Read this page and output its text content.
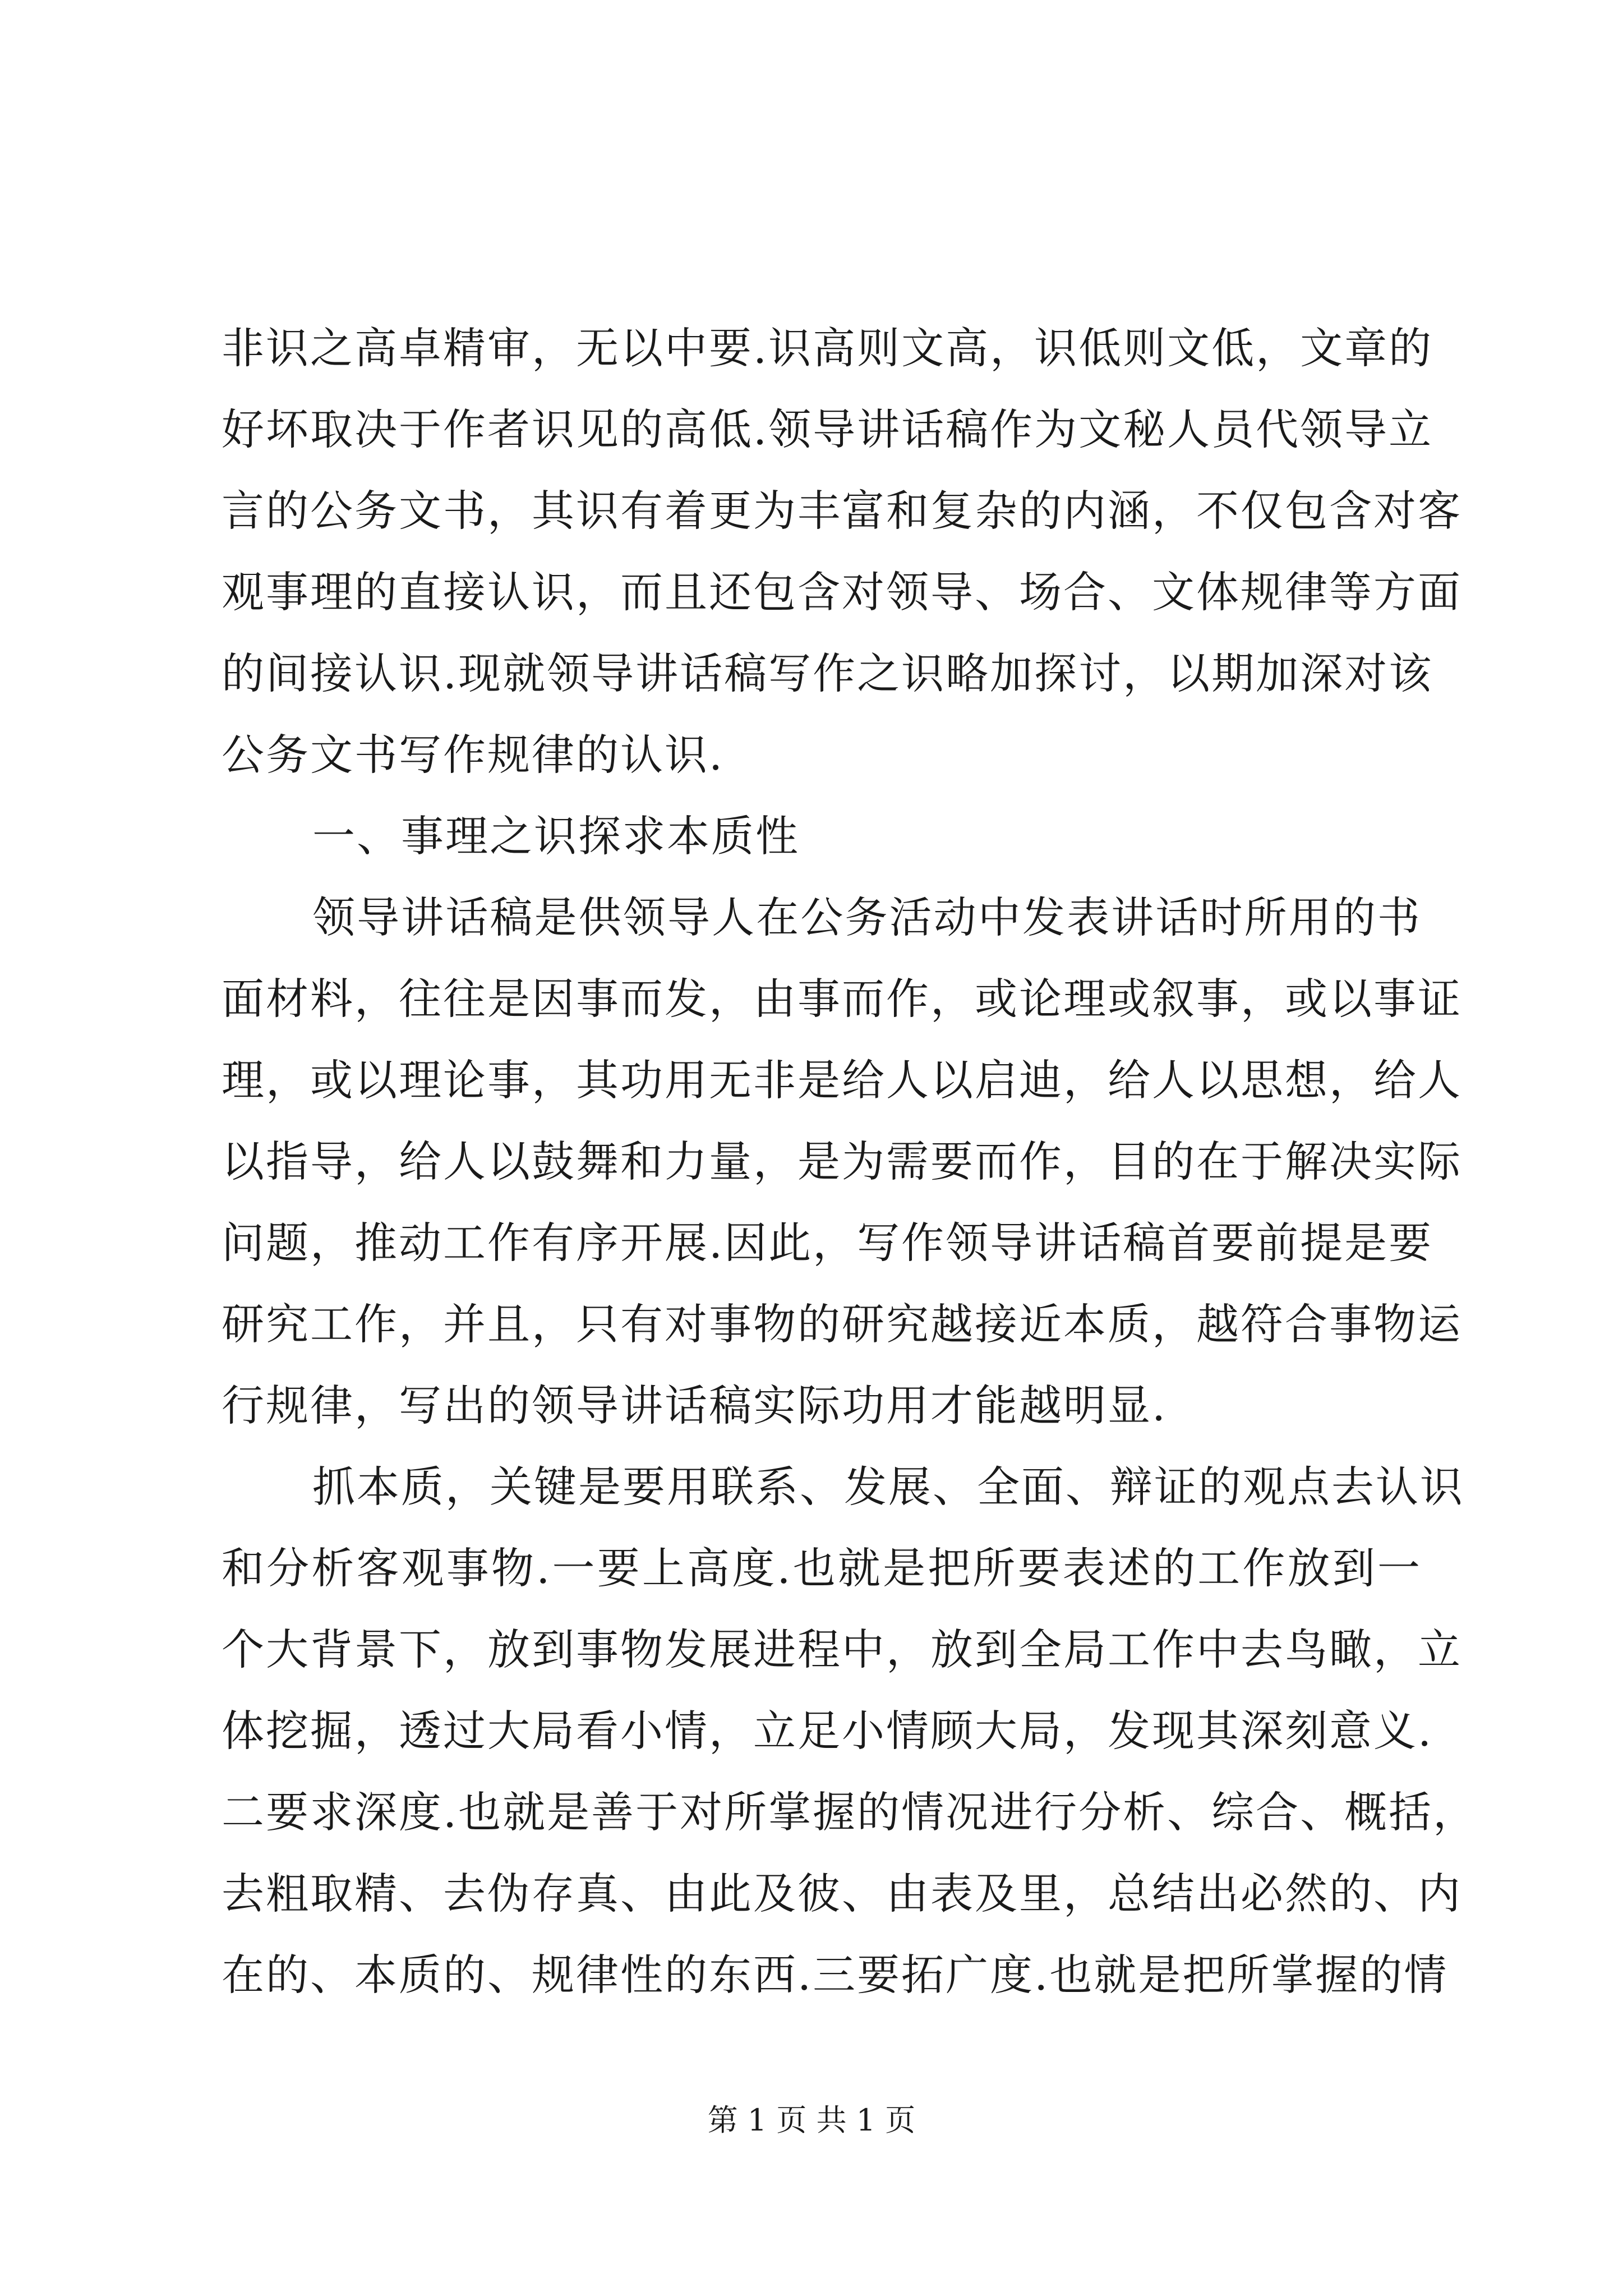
非识之高卓精审，无以中要.识高则文高，识低则文低，文章的
好坏取决于作者识见的高低.领导讲话稿作为文秘人员代领导立
言的公务文书，其识有着更为丰富和复杂的内涵，不仅包含对客
观事理的直接认识，而且还包含对领导、场合、文体规律等方面
的间接认识.现就领导讲话稿写作之识略加探讨，以期加深对该
公务文书写作规律的认识.
一、事理之识探求本质性
领导讲话稿是供领导人在公务活动中发表讲话时所用的书
面材料，往往是因事而发，由事而作，或论理或叙事，或以事证
理，或以理论事，其功用无非是给人以启迪，给人以思想，给人
以指导，给人以鼓舞和力量，是为需要而作，目的在于解决实际
问题，推动工作有序开展.因此，写作领导讲话稿首要前提是要
研究工作，并且，只有对事物的研究越接近本质，越符合事物运
行规律，写出的领导讲话稿实际功用才能越明显.
抓本质，关键是要用联系、发展、全面、辩证的观点去认识
和分析客观事物.一要上高度.也就是把所要表述的工作放到一
个大背景下，放到事物发展进程中，放到全局工作中去鸟瞰，立
体挖掘，透过大局看小情，立足小情顾大局，发现其深刻意义.
二要求深度.也就是善于对所掌握的情况进行分析、综合、概括，
去粗取精、去伪存真、由此及彼、由表及里，总结出必然的、内
在的、本质的、规律性的东西.三要拓广度.也就是把所掌握的情
第 1 页 共 1 页
